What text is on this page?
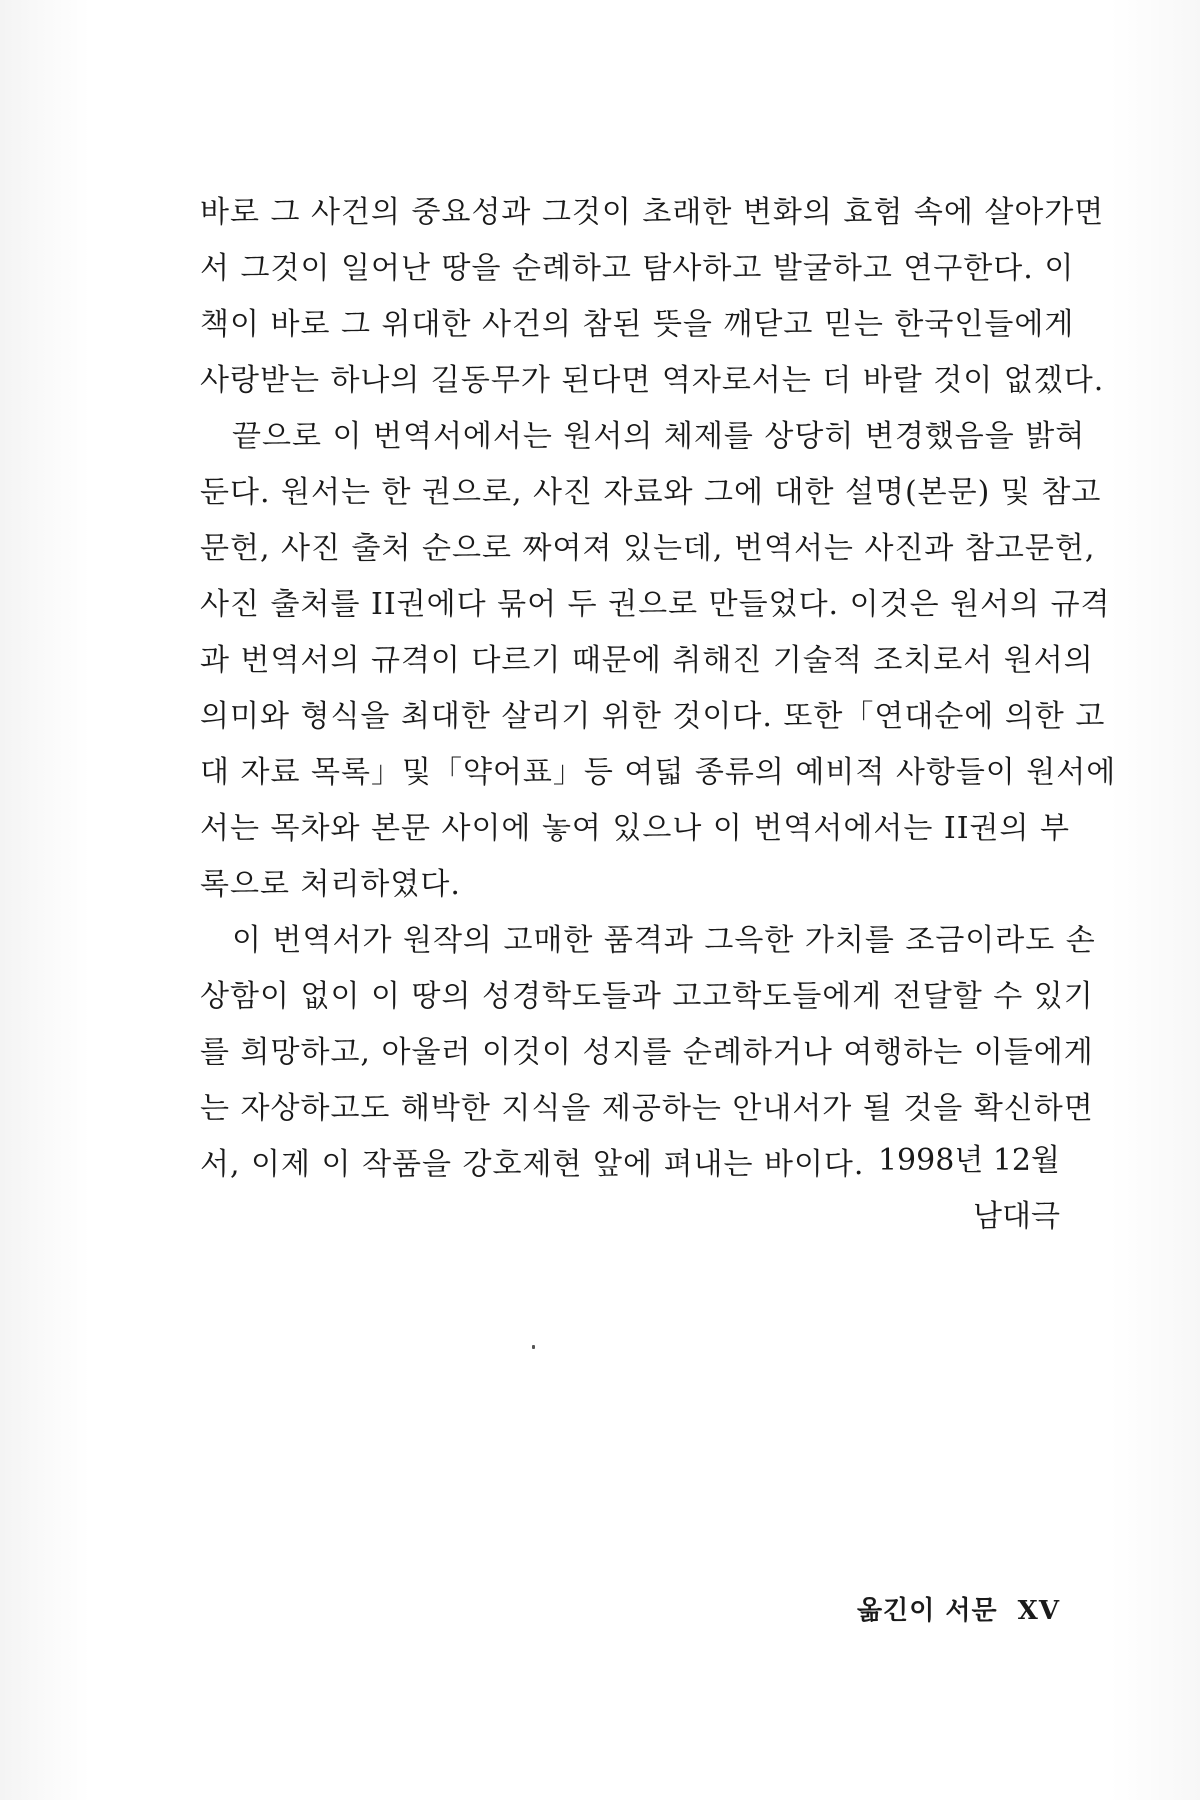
바로 그 사건의 중요성과 그것이 초래한 변화의 효험 속에 살아가면
서 그것이 일어난 땅을 순례하고 탐사하고 발굴하고 연구한다. 이
책이 바로 그 위대한 사건의 참된 뜻을 깨닫고 믿는 한국인들에게
사랑받는 하나의 길동무가 된다면 역자로서는 더 바랄 것이 없겠다.
끝으로 이 번역서에서는 원서의 체제를 상당히 변경했음을 밝혀
둔다. 원서는 한 권으로, 사진 자료와 그에 대한 설명(본문) 및 참고
문헌, 사진 출처 순으로 짜여져 있는데, 번역서는 사진과 참고문헌,
사진 출처를 II권에다 묶어 두 권으로 만들었다. 이것은 원서의 규격
과 번역서의 규격이 다르기 때문에 취해진 기술적 조치로서 원서의
의미와 형식을 최대한 살리기 위한 것이다. 또한「연대순에 의한 고
대 자료 목록」및「약어표」등 여덟 종류의 예비적 사항들이 원서에
서는 목차와 본문 사이에 놓여 있으나 이 번역서에서는 II권의 부
록으로 처리하였다.
이 번역서가 원작의 고매한 품격과 그윽한 가치를 조금이라도 손
상함이 없이 이 땅의 성경학도들과 고고학도들에게 전달할 수 있기
를 희망하고, 아울러 이것이 성지를 순례하거나 여행하는 이들에게
는 자상하고도 해박한 지식을 제공하는 안내서가 될 것을 확신하면
서, 이제 이 작품을 강호제현 앞에 펴내는 바이다. 1998년 12월
남대극
옮긴이 서문 XV
